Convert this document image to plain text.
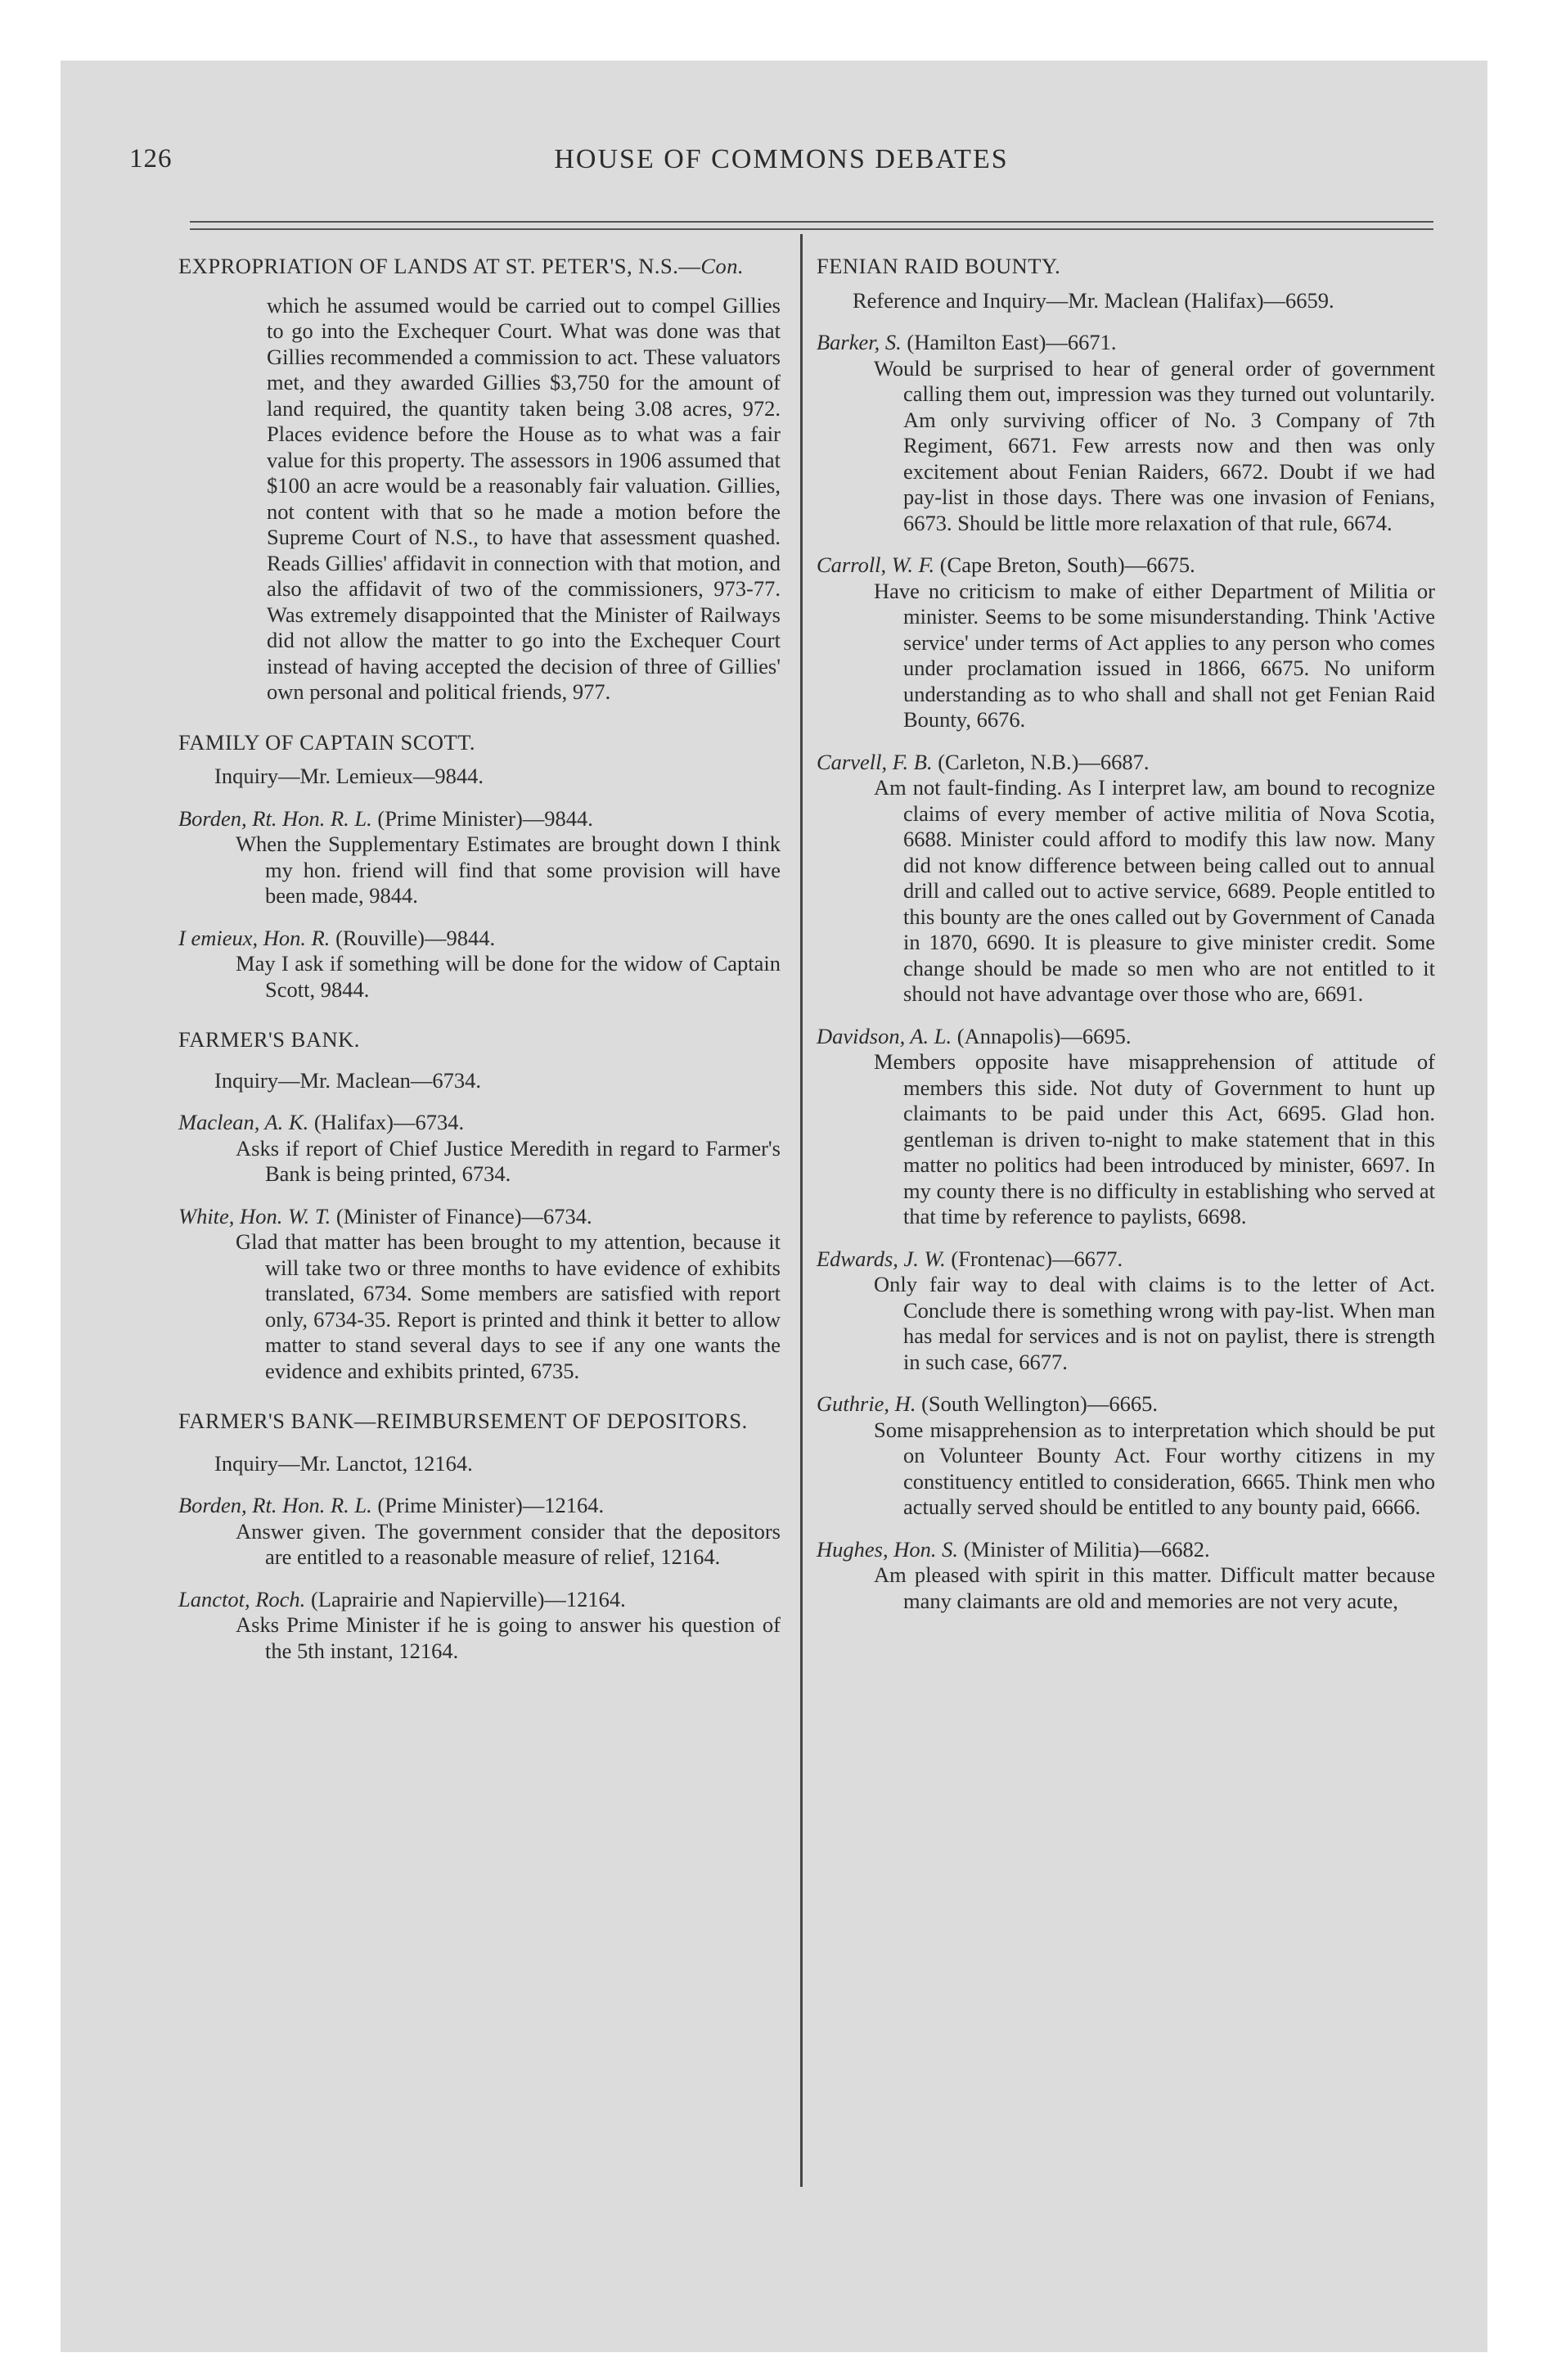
126	HOUSE OF COMMONS DEBATES

EXPROPRIATION OF LANDS AT ST. PETER'S, N.S.—Con.

which he assumed would be carried out to compel Gillies to go into the Exchequer Court. What was done was that Gillies recommended a commission to act. These valuators met, and they awarded Gillies $3,750 for the amount of land required, the quantity taken being 3.08 acres, 972. Places evidence before the House as to what was a fair value for this property. The assessors in 1906 assumed that $100 an acre would be a reasonably fair valuation. Gillies, not content with that so he made a motion before the Supreme Court of N.S., to have that assessment quashed. Reads Gillies' affidavit in connection with that motion, and also the affidavit of two of the commissioners, 973-77. Was extremely disappointed that the Minister of Railways did not allow the matter to go into the Exchequer Court instead of having accepted the decision of three of Gillies' own personal and political friends, 977.

FAMILY OF CAPTAIN SCOTT.

Inquiry—Mr. Lemieux—9844.

Borden, Rt. Hon. R. L. (Prime Minister)—9844.

When the Supplementary Estimates are brought down I think my hon. friend will find that some provision will have been made, 9844.

I emieux, Hon. R. (Rouville)—9844.

May I ask if something will be done for the widow of Captain Scott, 9844.

FARMER'S BANK.

Inquiry—Mr. Maclean—6734.

Maclean, A. K. (Halifax)—6734.

Asks if report of Chief Justice Meredith in regard to Farmer's Bank is being printed, 6734.

White, Hon. W. T. (Minister of Finance)—6734.

Glad that matter has been brought to my attention, because it will take two or three months to have evidence of exhibits translated, 6734. Some members are satisfied with report only, 6734-35. Report is printed and think it better to allow matter to stand several days to see if any one wants the evidence and exhibits printed, 6735.

FARMER'S BANK—REIMBURSEMENT OF DEPOSITORS.

Inquiry—Mr. Lanctot, 12164.

Borden, Rt. Hon. R. L. (Prime Minister)—12164.

Answer given. The government consider that the depositors are entitled to a reasonable measure of relief, 12164.

Lanctot, Roch. (Laprairie and Napierville)—12164.

Asks Prime Minister if he is going to answer his question of the 5th instant, 12164.

FENIAN RAID BOUNTY.

Reference and Inquiry—Mr. Maclean (Halifax)—6659.

Barker, S. (Hamilton East)—6671.

Would be surprised to hear of general order of government calling them out, impression was they turned out voluntarily. Am only surviving officer of No. 3 Company of 7th Regiment, 6671. Few arrests now and then was only excitement about Fenian Raiders, 6672. Doubt if we had pay-list in those days. There was one invasion of Fenians, 6673. Should be little more relaxation of that rule, 6674.

Carroll, W. F. (Cape Breton, South)—6675.

Have no criticism to make of either Department of Militia or minister. Seems to be some misunderstanding. Think 'Active service' under terms of Act applies to any person who comes under proclamation issued in 1866, 6675. No uniform understanding as to who shall and shall not get Fenian Raid Bounty, 6676.

Carvell, F. B. (Carleton, N.B.)—6687.

Am not fault-finding. As I interpret law, am bound to recognize claims of every member of active militia of Nova Scotia, 6688. Minister could afford to modify this law now. Many did not know difference between being called out to annual drill and called out to active service, 6689. People entitled to this bounty are the ones called out by Government of Canada in 1870, 6690. It is pleasure to give minister credit. Some change should be made so men who are not entitled to it should not have advantage over those who are, 6691.

Davidson, A. L. (Annapolis)—6695.

Members opposite have misapprehension of attitude of members this side. Not duty of Government to hunt up claimants to be paid under this Act, 6695. Glad hon. gentleman is driven to-night to make statement that in this matter no politics had been introduced by minister, 6697. In my county there is no difficulty in establishing who served at that time by reference to paylists, 6698.

Edwards, J. W. (Frontenac)—6677.

Only fair way to deal with claims is to the letter of Act. Conclude there is something wrong with pay-list. When man has medal for services and is not on paylist, there is strength in such case, 6677.

Guthrie, H. (South Wellington)—6665.

Some misapprehension as to interpretation which should be put on Volunteer Bounty Act. Four worthy citizens in my constituency entitled to consideration, 6665. Think men who actually served should be entitled to any bounty paid, 6666.

Hughes, Hon. S. (Minister of Militia)—6682.

Am pleased with spirit in this matter. Difficult matter because many claimants are old and memories are not very acute,
